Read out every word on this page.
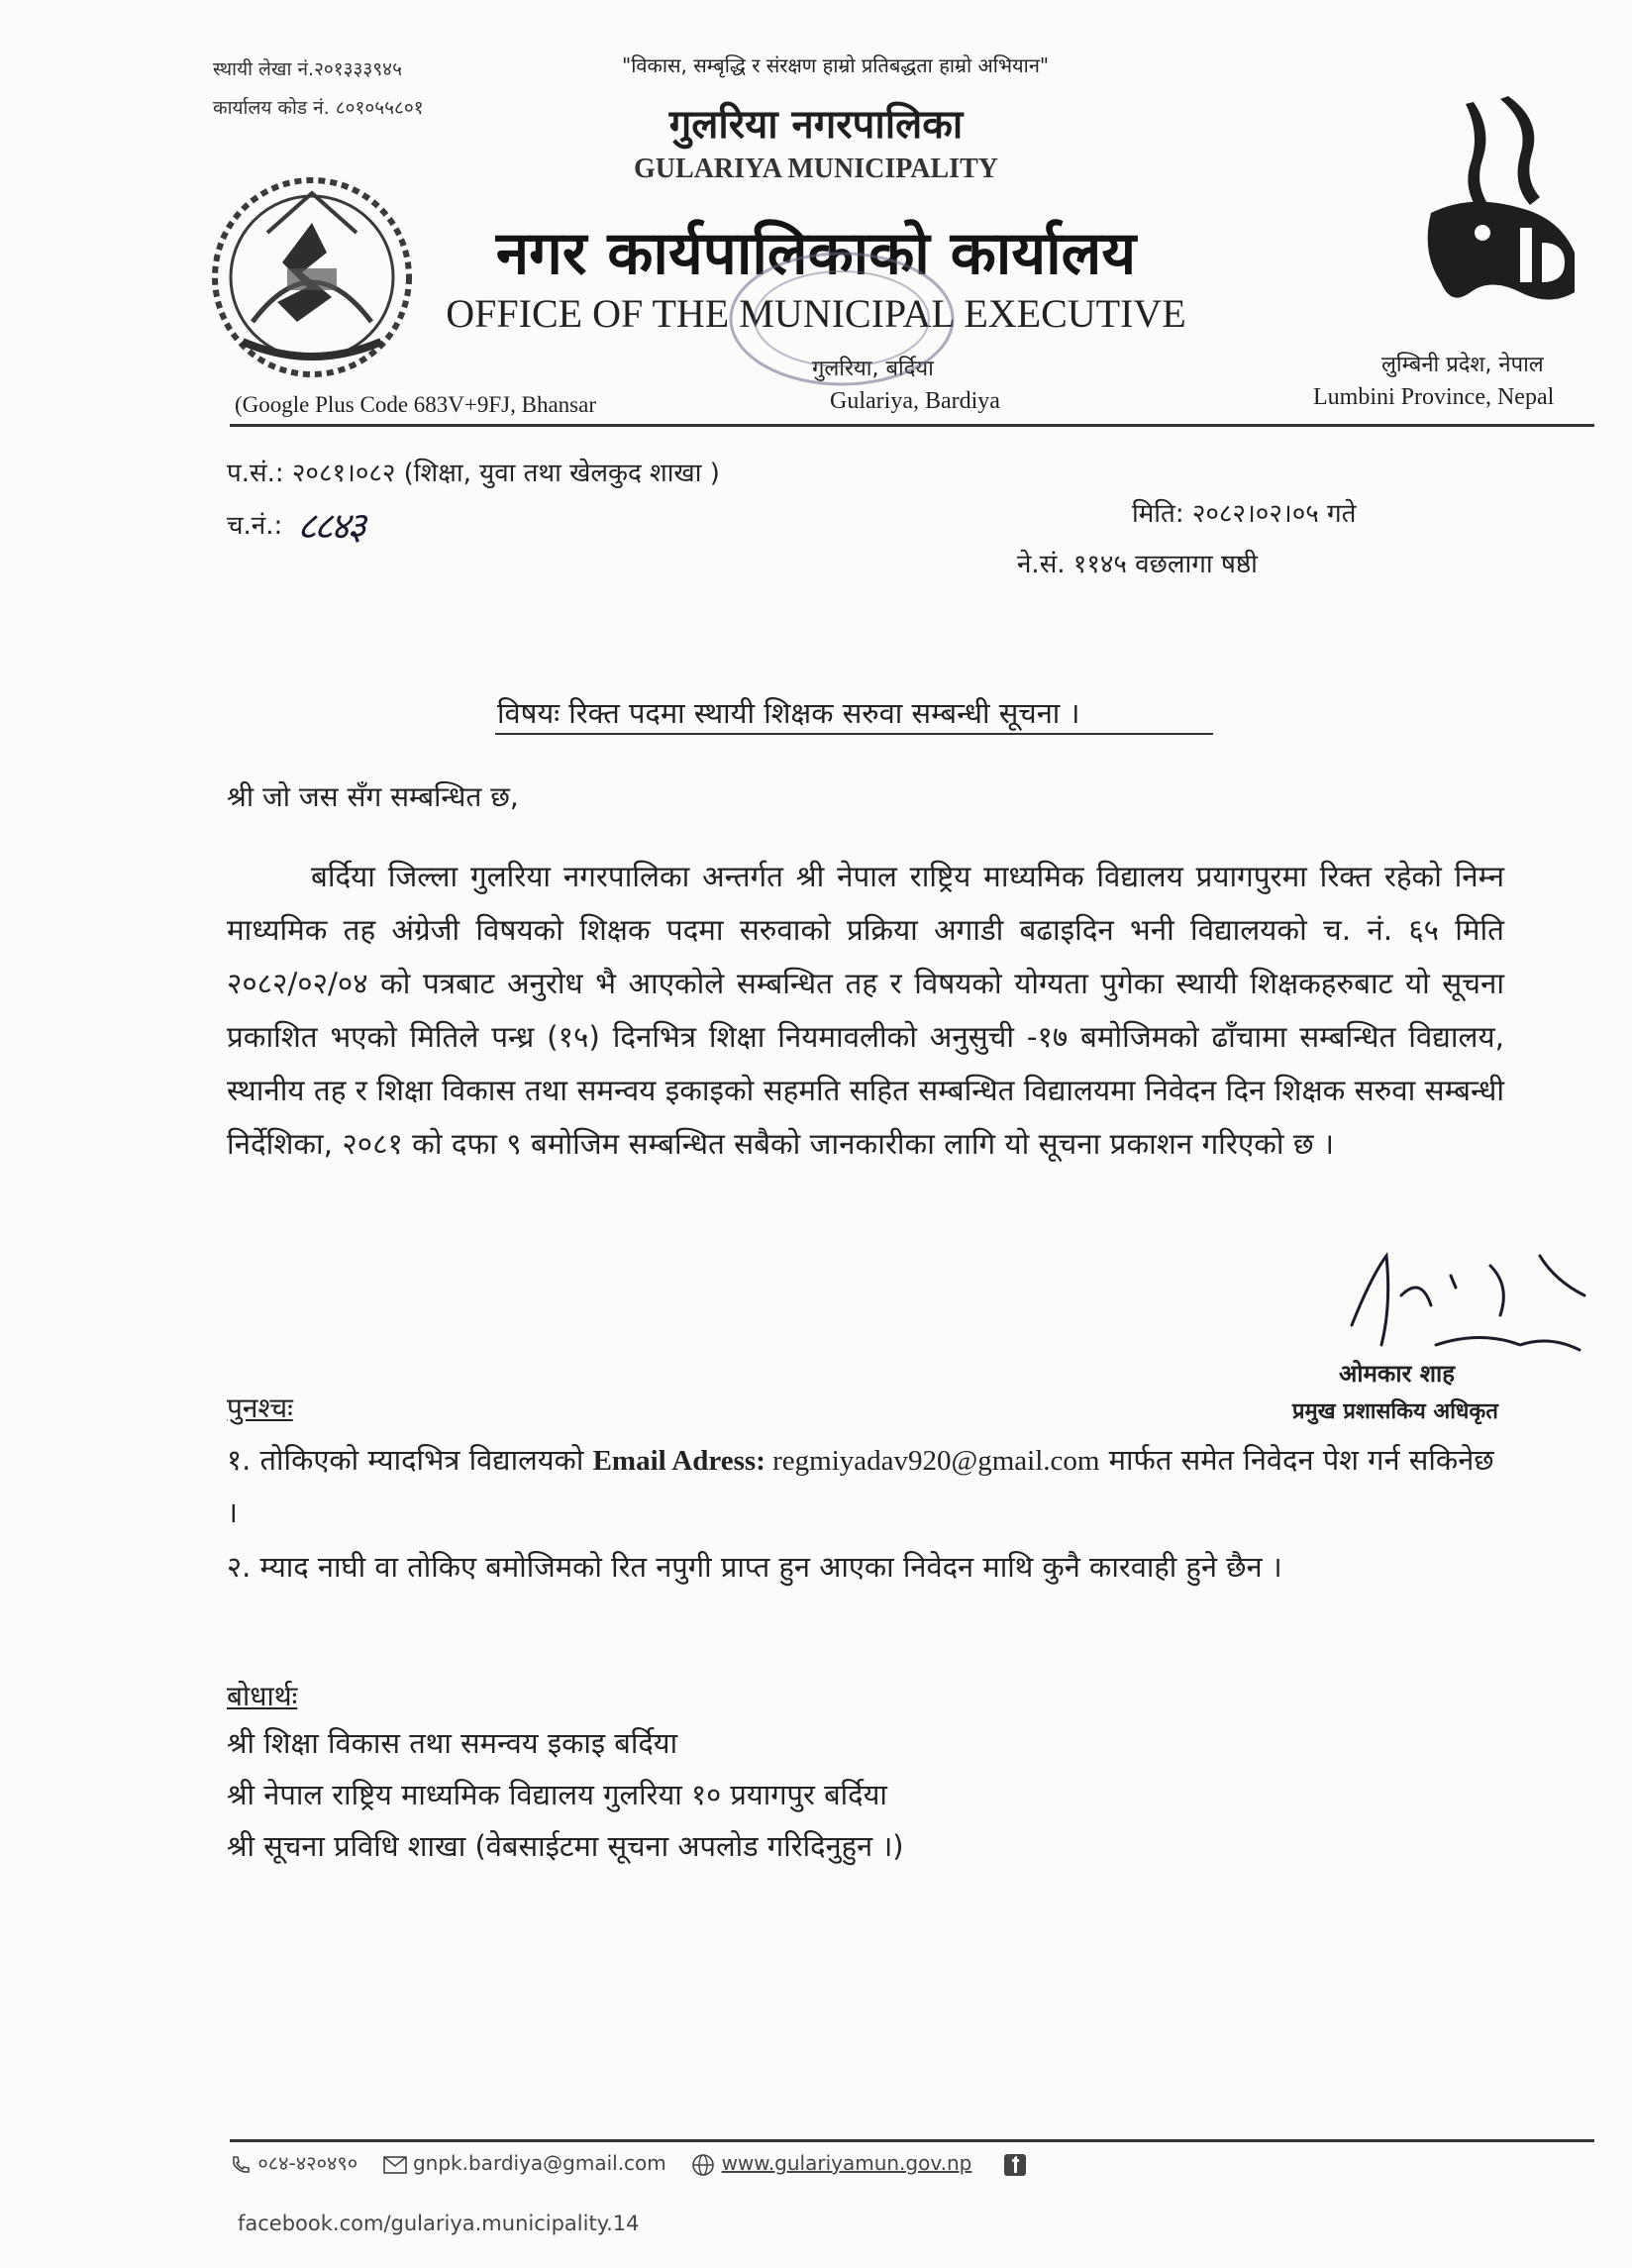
स्थायी लेखा नं.२०१३३३९४५
कार्यालय कोड नं. ८०१०५५८०१
"विकास, सम्बृद्धि र संरक्षण हाम्रो प्रतिबद्धता हाम्रो अभियान"
गुलरिया नगरपालिका
GULARIYA MUNICIPALITY
नगर कार्यपालिकाको कार्यालय
OFFICE OF THE MUNICIPAL EXECUTIVE
गुलरिया, बर्दिया
Gulariya, Bardiya
लुम्बिनी प्रदेश, नेपाल
Lumbini Province, Nepal
(Google Plus Code 683V+9FJ, Bhansar
प.सं.: २०८१।०८२ (शिक्षा, युवा तथा खेलकुद शाखा )
च.नं.: ८८४३	मिति: २०८२।०२।०५ गते
ने.सं. ११४५ वछलागा षष्ठी
विषयः रिक्त पदमा स्थायी शिक्षक सरुवा सम्बन्धी सूचना ।
श्री जो जस सँग सम्बन्धित छ,
बर्दिया जिल्ला गुलरिया नगरपालिका अन्तर्गत श्री नेपाल राष्ट्रिय माध्यमिक विद्यालय प्रयागपुरमा रिक्त रहेको निम्न माध्यमिक तह अंग्रेजी विषयको शिक्षक पदमा सरुवाको प्रक्रिया अगाडी बढाइदिन भनी विद्यालयको च. नं. ६५ मिति २०८२/०२/०४ को पत्रबाट अनुरोध भै आएकोले सम्बन्धित तह र विषयको योग्यता पुगेका स्थायी शिक्षकहरुबाट यो सूचना प्रकाशित भएको मितिले पन्ध्र (१५) दिनभित्र शिक्षा नियमावलीको अनुसुची -१७ बमोजिमको ढाँचामा सम्बन्धित विद्यालय, स्थानीय तह र शिक्षा विकास तथा समन्वय इकाइको सहमति सहित सम्बन्धित विद्यालयमा निवेदन दिन शिक्षक सरुवा सम्बन्धी निर्देशिका, २०८१ को दफा ९ बमोजिम सम्बन्धित सबैको जानकारीका लागि यो सूचना प्रकाशन गरिएको छ ।
ओमकार शाह
प्रमुख प्रशासकिय अधिकृत
पुनश्चः
१. तोकिएको म्यादभित्र विद्यालयको Email Adress: regmiyadav920@gmail.com मार्फत समेत निवेदन पेश गर्न सकिनेछ ।
२. म्याद नाघी वा तोकिए बमोजिमको रित नपुगी प्राप्त हुन आएका निवेदन माथि कुनै कारवाही हुने छैन ।
बोधार्थः
श्री शिक्षा विकास तथा समन्वय इकाइ बर्दिया
श्री नेपाल राष्ट्रिय माध्यमिक विद्यालय गुलरिया १० प्रयागपुर बर्दिया
श्री सूचना प्रविधि शाखा (वेबसाईटमा सूचना अपलोड गरिदिनुहुन ।)
०८४-४२०४९०	gnpk.bardiya@gmail.com	www.gulariyamun.gov.np
facebook.com/gulariya.municipality.14
